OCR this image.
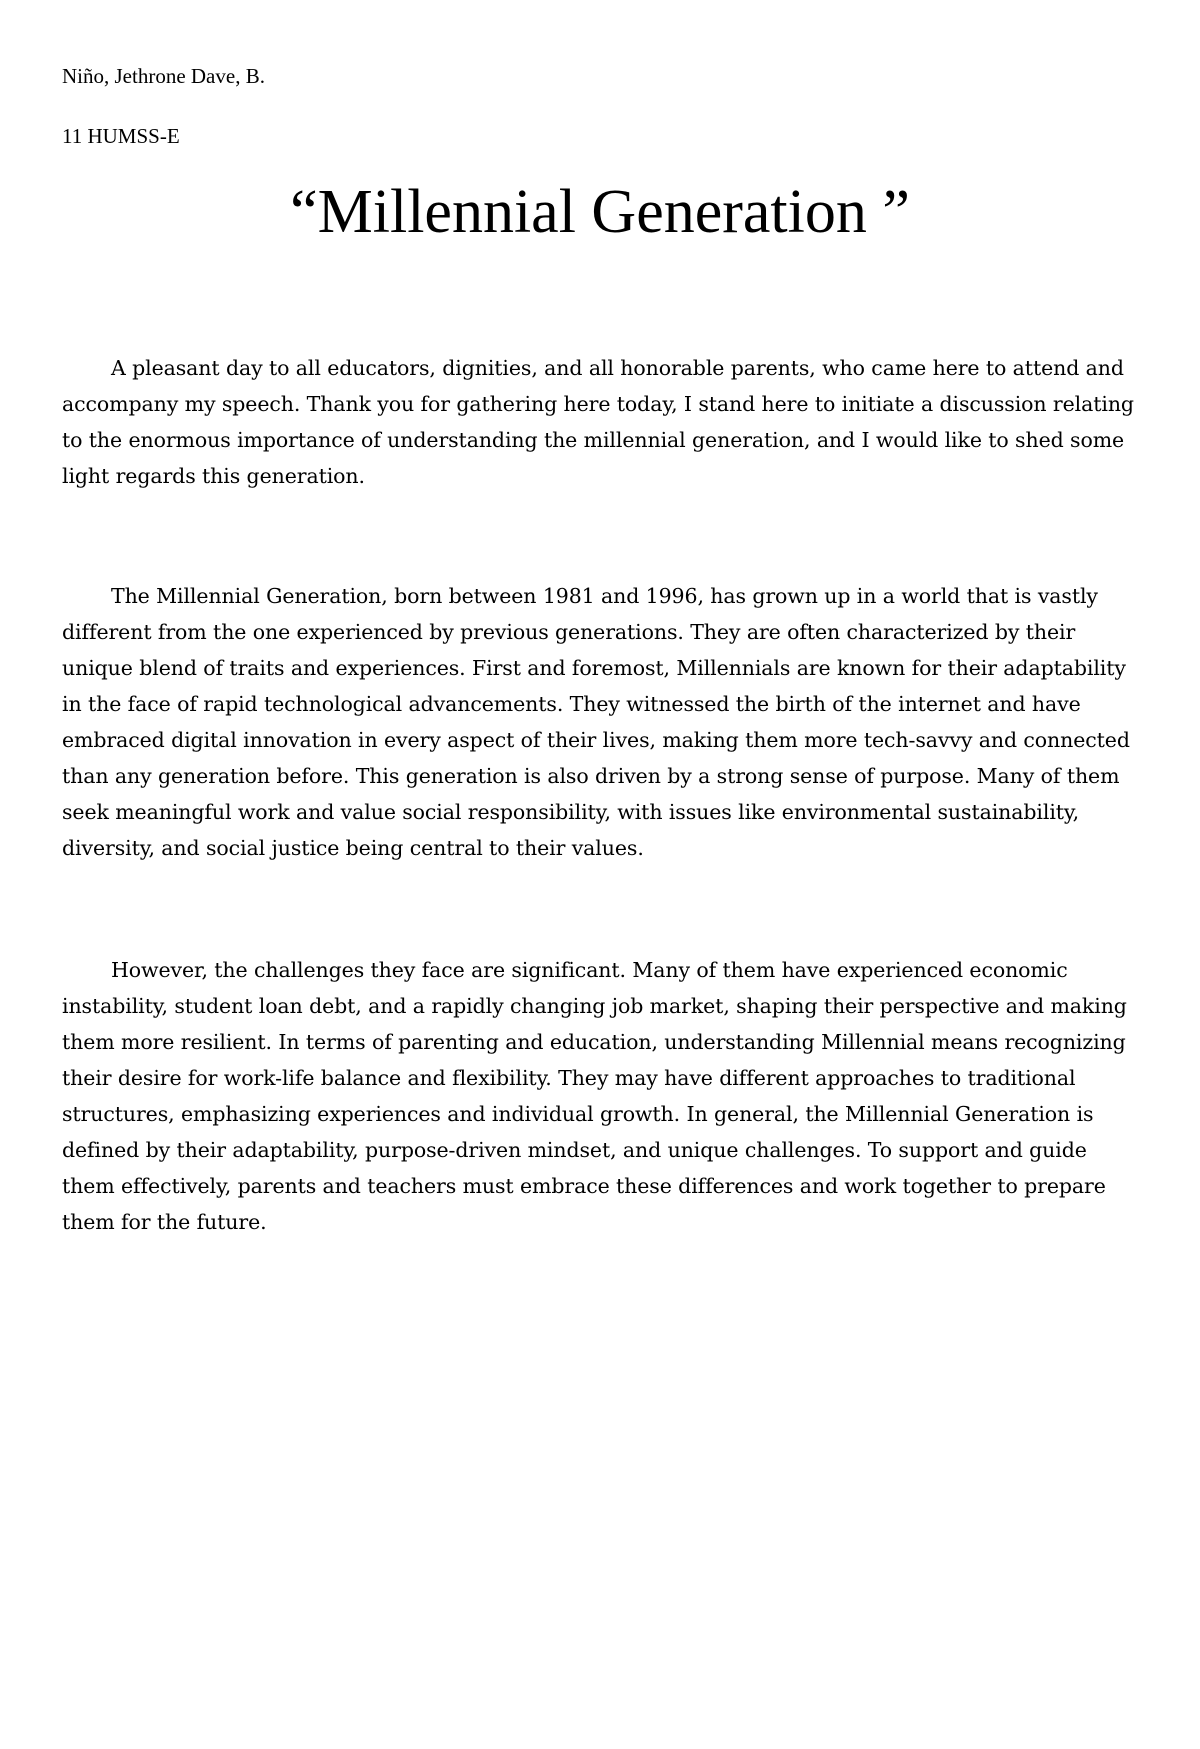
Niño, Jethrone Dave, B.
11 HUMSS-E
“Millennial Generation ”

A pleasant day to all educators, dignities, and all honorable parents, who came here to attend and accompany my speech. Thank you for gathering here today, I stand here to initiate a discussion relating to the enormous importance of understanding the millennial generation, and I would like to shed some light regards this generation.

The Millennial Generation, born between 1981 and 1996, has grown up in a world that is vastly different from the one experienced by previous generations. They are often characterized by their unique blend of traits and experiences. First and foremost, Millennials are known for their adaptability in the face of rapid technological advancements. They witnessed the birth of the internet and have embraced digital innovation in every aspect of their lives, making them more tech-savvy and connected than any generation before. This generation is also driven by a strong sense of purpose. Many of them seek meaningful work and value social responsibility, with issues like environmental sustainability, diversity, and social justice being central to their values.

However, the challenges they face are significant. Many of them have experienced economic instability, student loan debt, and a rapidly changing job market, shaping their perspective and making them more resilient. In terms of parenting and education, understanding Millennial means recognizing their desire for work-life balance and flexibility. They may have different approaches to traditional structures, emphasizing experiences and individual growth. In general, the Millennial Generation is defined by their adaptability, purpose-driven mindset, and unique challenges. To support and guide them effectively, parents and teachers must embrace these differences and work together to prepare them for the future.
